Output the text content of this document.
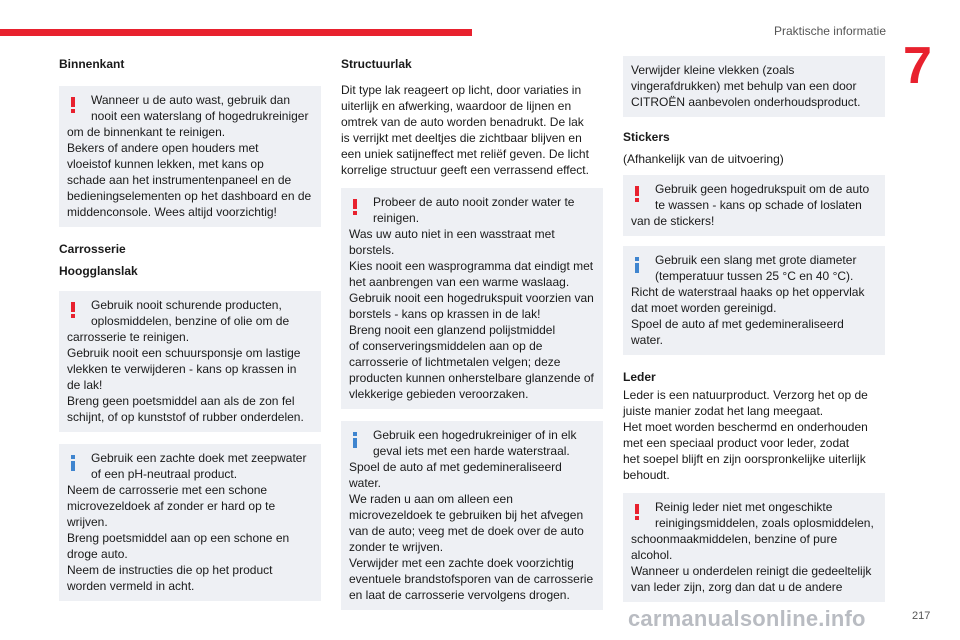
Praktische informatie
7

Binnenkant

Wanneer u de auto wast, gebruik dan

nooit een waterslang of hogedrukreiniger

om de binnenkant te reinigen.

Bekers of andere open houders met

vloeistof kunnen lekken, met kans op

schade aan het instrumentenpaneel en de

bedieningselementen op het dashboard en de

middenconsole. Wees altijd voorzichtig!

Carrosserie

Hoogglanslak

Gebruik nooit schurende producten,

oplosmiddelen, benzine of olie om de

carrosserie te reinigen.

Gebruik nooit een schuursponsje om lastige

vlekken te verwijderen - kans op krassen in

de lak!

Breng geen poetsmiddel aan als de zon fel

schijnt, of op kunststof of rubber onderdelen.

Gebruik een zachte doek met zeepwater

of een pH-neutraal product.

Neem de carrosserie met een schone

microvezeldoek af zonder er hard op te

wrijven.

Breng poetsmiddel aan op een schone en

droge auto.

Neem de instructies die op het product

worden vermeld in acht.

Structuurlak

Dit type lak reageert op licht, door variaties in

uiterlijk en afwerking, waardoor de lijnen en

omtrek van de auto worden benadrukt. De lak

is verrijkt met deeltjes die zichtbaar blijven en

een uniek satijneffect met reliëf geven. De licht

korrelige structuur geeft een verrassend effect.

Probeer de auto nooit zonder water te

reinigen.

Was uw auto niet in een wasstraat met

borstels.

Kies nooit een wasprogramma dat eindigt met

het aanbrengen van een warme waslaag.

Gebruik nooit een hogedrukspuit voorzien van

borstels - kans op krassen in de lak!

Breng nooit een glanzend polijstmiddel

of conserveringsmiddelen aan op de

carrosserie of lichtmetalen velgen; deze

producten kunnen onherstelbare glanzende of

vlekkerige gebieden veroorzaken.

Gebruik een hogedrukreiniger of in elk

geval iets met een harde waterstraal.

Spoel de auto af met gedemineraliseerd

water.

We raden u aan om alleen een

microvezeldoek te gebruiken bij het afvegen

van de auto; veeg met de doek over de auto

zonder te wrijven.

Verwijder met een zachte doek voorzichtig

eventuele brandstofsporen van de carrosserie

en laat de carrosserie vervolgens drogen.

Verwijder kleine vlekken (zoals

vingerafdrukken) met behulp van een door

CITROËN aanbevolen onderhoudsproduct.

Stickers

(Afhankelijk van de uitvoering)

Gebruik geen hogedrukspuit om de auto

te wassen - kans op schade of loslaten

van de stickers!

Gebruik een slang met grote diameter

(temperatuur tussen 25 °C en 40 °C).

Richt de waterstraal haaks op het oppervlak

dat moet worden gereinigd.

Spoel de auto af met gedemineraliseerd

water.

Leder

Leder is een natuurproduct. Verzorg het op de

juiste manier zodat het lang meegaat.

Het moet worden beschermd en onderhouden

met een speciaal product voor leder, zodat

het soepel blijft en zijn oorspronkelijke uiterlijk

behoudt.

Reinig leder niet met ongeschikte

reinigingsmiddelen, zoals oplosmiddelen,

schoonmaakmiddelen, benzine of pure

alcohol.

Wanneer u onderdelen reinigt die gedeeltelijk

van leder zijn, zorg dan dat u de andere

carmanualsonline.info	217
